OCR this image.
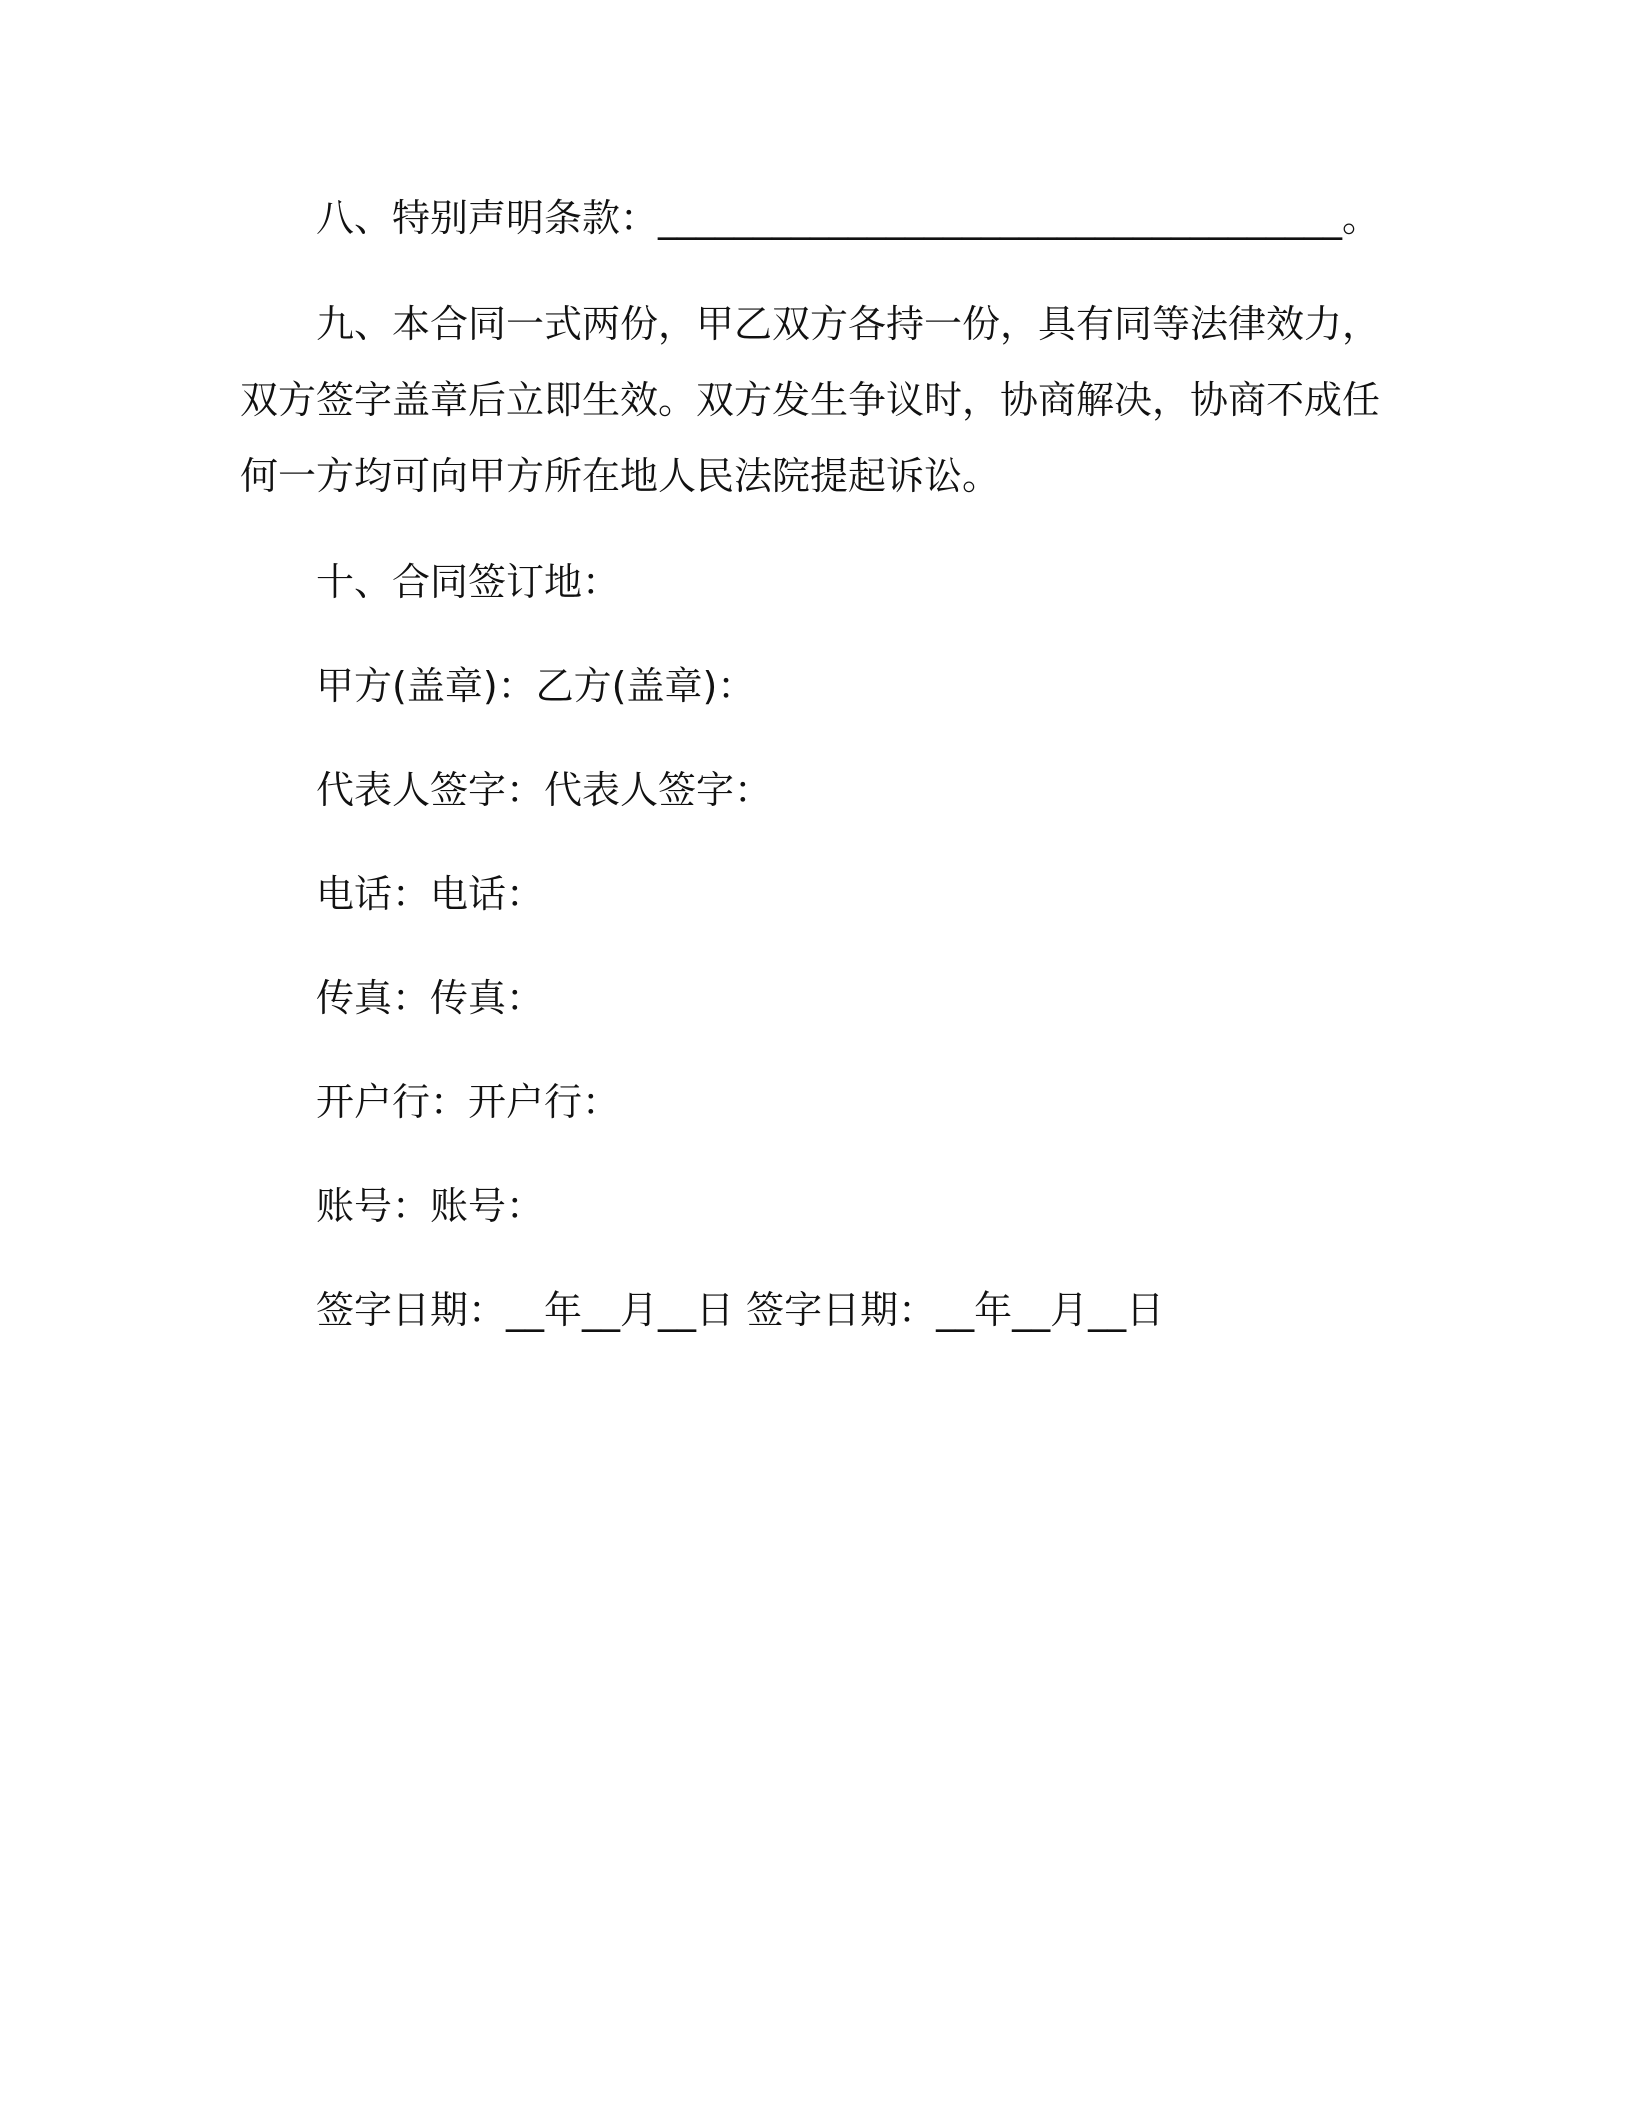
八、特别声明条款：____________________________________。

九、本合同一式两份，甲乙双方各持一份，具有同等法律效力，双方签字盖章后立即生效。双方发生争议时，协商解决，协商不成任何一方均可向甲方所在地人民法院提起诉讼。

十、合同签订地：

甲方(盖章)：乙方(盖章)：

代表人签字：代表人签字：

电话：电话：

传真：传真：

开户行：开户行：

账号：账号：

签字日期：__年__月__日 签字日期：__年__月__日
